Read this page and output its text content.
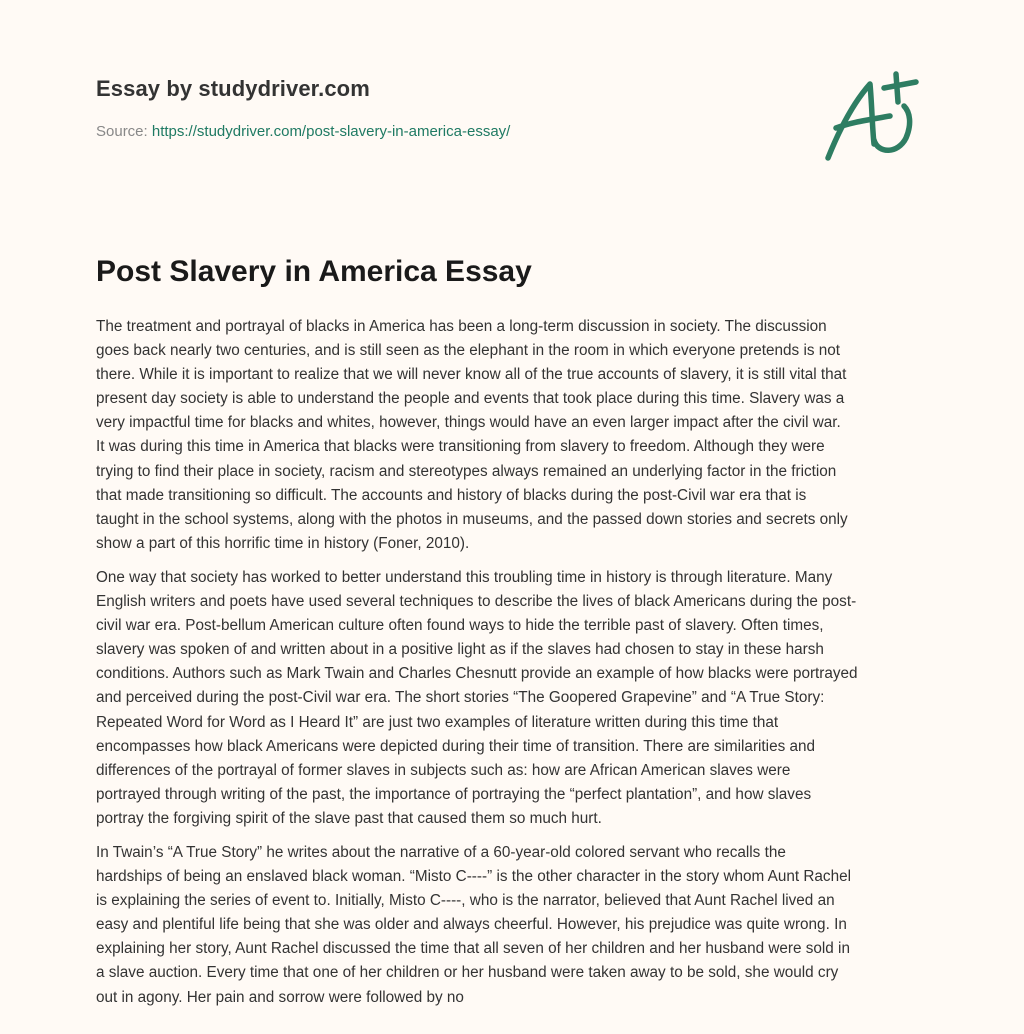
Essay by studydriver.com
Source: https://studydriver.com/post-slavery-in-america-essay/
Post Slavery in America Essay

The treatment and portrayal of blacks in America has been a long-term discussion in society. The discussion
goes back nearly two centuries, and is still seen as the elephant in the room in which everyone pretends is not
there. While it is important to realize that we will never know all of the true accounts of slavery, it is still vital that
present day society is able to understand the people and events that took place during this time. Slavery was a
very impactful time for blacks and whites, however, things would have an even larger impact after the civil war.
It was during this time in America that blacks were transitioning from slavery to freedom. Although they were
trying to find their place in society, racism and stereotypes always remained an underlying factor in the friction
that made transitioning so difficult. The accounts and history of blacks during the post-Civil war era that is
taught in the school systems, along with the photos in museums, and the passed down stories and secrets only
show a part of this horrific time in history (Foner, 2010).

One way that society has worked to better understand this troubling time in history is through literature. Many
English writers and poets have used several techniques to describe the lives of black Americans during the post-
civil war era. Post-bellum American culture often found ways to hide the terrible past of slavery. Often times,
slavery was spoken of and written about in a positive light as if the slaves had chosen to stay in these harsh
conditions. Authors such as Mark Twain and Charles Chesnutt provide an example of how blacks were portrayed
and perceived during the post-Civil war era. The short stories “The Goopered Grapevine” and “A True Story:
Repeated Word for Word as I Heard It” are just two examples of literature written during this time that
encompasses how black Americans were depicted during their time of transition. There are similarities and
differences of the portrayal of former slaves in subjects such as: how are African American slaves were
portrayed through writing of the past, the importance of portraying the “perfect plantation”, and how slaves
portray the forgiving spirit of the slave past that caused them so much hurt.

In Twain’s “A True Story” he writes about the narrative of a 60-year-old colored servant who recalls the
hardships of being an enslaved black woman. “Misto C----” is the other character in the story whom Aunt Rachel
is explaining the series of event to. Initially, Misto C----, who is the narrator, believed that Aunt Rachel lived an
easy and plentiful life being that she was older and always cheerful. However, his prejudice was quite wrong. In
explaining her story, Aunt Rachel discussed the time that all seven of her children and her husband were sold in
a slave auction. Every time that one of her children or her husband were taken away to be sold, she would cry
out in agony. Her pain and sorrow were followed by no
